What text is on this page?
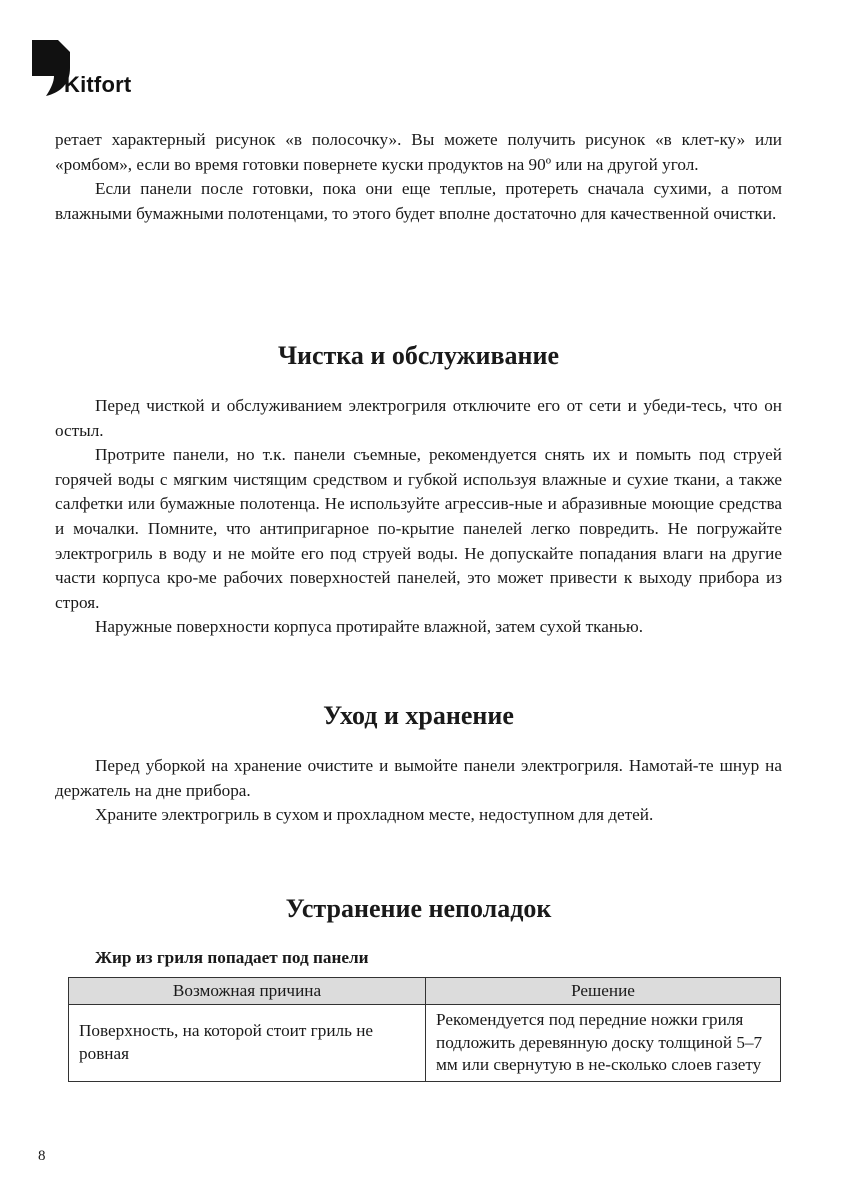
Kitfort

ретает характерный рисунок «в полосочку». Вы можете получить рисунок «в клет-ку» или «ромбом», если во время готовки повернете куски продуктов на 90º или на другой угол.

Если панели после готовки, пока они еще теплые, протереть сначала сухими, а потом влажными бумажными полотенцами, то этого будет вполне достаточно для качественной очистки.

Чистка и обслуживание

Перед чисткой и обслуживанием электрогриля отключите его от сети и убеди-тесь, что он остыл.

Протрите панели, но т.к. панели съемные, рекомендуется снять их и помыть под струей горячей воды с мягким чистящим средством и губкой используя влажные и сухие ткани, а также салфетки или бумажные полотенца. Не используйте агрессив-ные и абразивные моющие средства и мочалки. Помните, что антипригарное по-крытие панелей легко повредить. Не погружайте электрогриль в воду и не мойте его под струей воды. Не допускайте попадания влаги на другие части корпуса кро-ме рабочих поверхностей панелей, это может привести к выходу прибора из строя.

Наружные поверхности корпуса протирайте влажной, затем сухой тканью.

Уход и хранение

Перед уборкой на хранение очистите и вымойте панели электрогриля. Намотай-те шнур на держатель на дне прибора.

Храните электрогриль в сухом и прохладном месте, недоступном для детей.

Устранение неполадок
Жир из гриля попадает под панели
Возможная причина	Решение
Поверхность, на которой стоит гриль не ровная	Рекомендуется под передние ножки гриля подложить деревянную доску толщиной 5–7 мм или свернутую в не-сколько слоев газету
8
